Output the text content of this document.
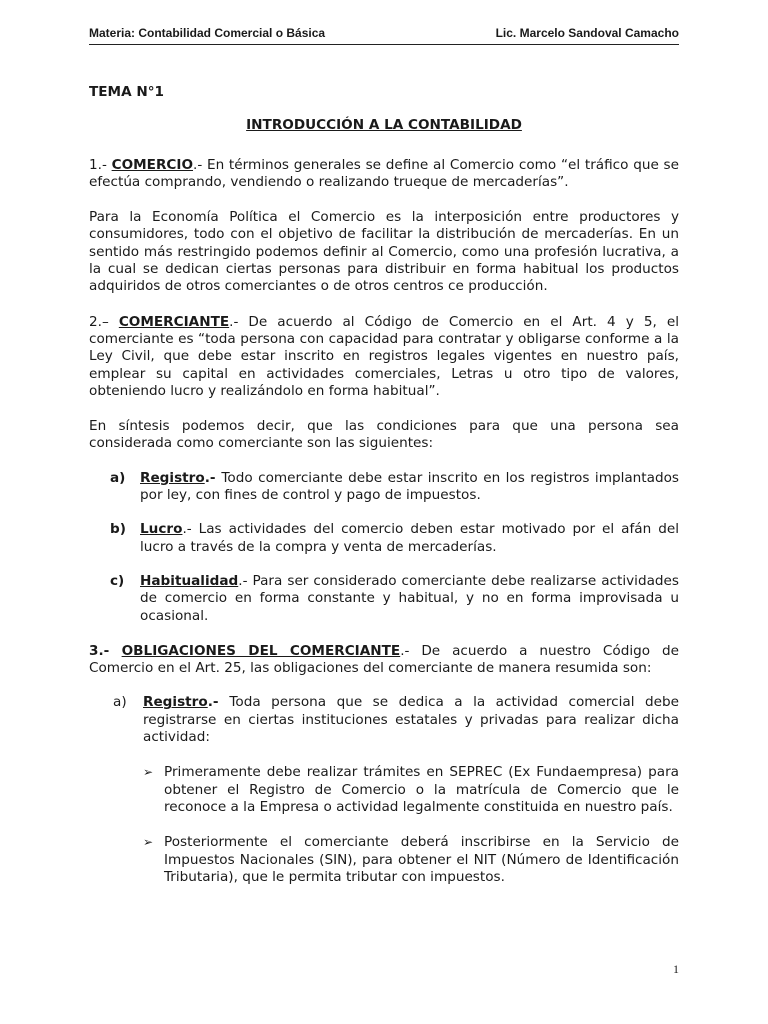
Materia: Contabilidad Comercial o Básica	Lic. Marcelo Sandoval Camacho

TEMA N°1

INTRODUCCIÓN A LA CONTABILIDAD

1.- COMERCIO.- En términos generales se define al Comercio como “el tráfico que se efectúa comprando, vendiendo o realizando trueque de mercaderías”.

Para la Economía Política el Comercio es la interposición entre productores y consumidores, todo con el objetivo de facilitar la distribución de mercaderías. En un sentido más restringido podemos definir al Comercio, como una profesión lucrativa, a la cual se dedican ciertas personas para distribuir en forma habitual los productos adquiridos de otros comerciantes o de otros centros ce producción.

2.– COMERCIANTE.- De acuerdo al Código de Comercio en el Art. 4 y 5, el comerciante es “toda persona con capacidad para contratar y obligarse conforme a la Ley Civil, que debe estar inscrito en registros legales vigentes en nuestro país, emplear su capital en actividades comerciales, Letras u otro tipo de valores, obteniendo lucro y realizándolo en forma habitual”.

En síntesis podemos decir, que las condiciones para que una persona sea considerada como comerciante son las siguientes:

a) Registro.- Todo comerciante debe estar inscrito en los registros implantados por ley, con fines de control y pago de impuestos.
b) Lucro.- Las actividades del comercio deben estar motivado por el afán del lucro a través de la compra y venta de mercaderías.
c) Habitualidad.- Para ser considerado comerciante debe realizarse actividades de comercio en forma constante y habitual, y no en forma improvisada u ocasional.

3.- OBLIGACIONES DEL COMERCIANTE.- De acuerdo a nuestro Código de Comercio en el Art. 25, las obligaciones del comerciante de manera resumida son:

a) Registro.- Toda persona que se dedica a la actividad comercial debe registrarse en ciertas instituciones estatales y privadas para realizar dicha actividad:
➢ Primeramente debe realizar trámites en SEPREC (Ex Fundaempresa) para obtener el Registro de Comercio o la matrícula de Comercio que le reconoce a la Empresa o actividad legalmente constituida en nuestro país.
➢ Posteriormente el comerciante deberá inscribirse en la Servicio de Impuestos Nacionales (SIN), para obtener el NIT (Número de Identificación Tributaria), que le permita tributar con impuestos.
1
